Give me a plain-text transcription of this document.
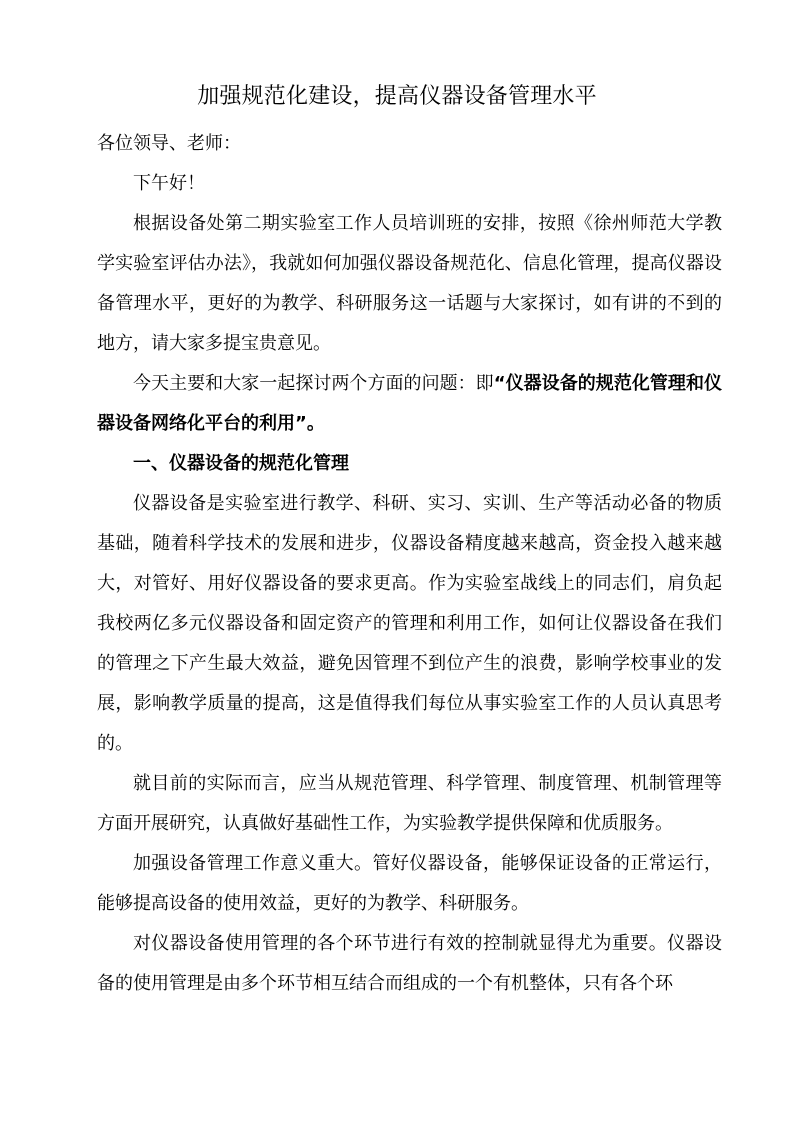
加强规范化建设，提高仪器设备管理水平

各位领导、老师：

下午好！

根据设备处第二期实验室工作人员培训班的安排，按照《徐州师范大学教学实验室评估办法》，我就如何加强仪器设备规范化、信息化管理，提高仪器设备管理水平，更好的为教学、科研服务这一话题与大家探讨，如有讲的不到的地方，请大家多提宝贵意见。

今天主要和大家一起探讨两个方面的问题：即“仪器设备的规范化管理和仪器设备网络化平台的利用”。

一、仪器设备的规范化管理

仪器设备是实验室进行教学、科研、实习、实训、生产等活动必备的物质基础，随着科学技术的发展和进步，仪器设备精度越来越高，资金投入越来越大，对管好、用好仪器设备的要求更高。作为实验室战线上的同志们，肩负起我校两亿多元仪器设备和固定资产的管理和利用工作，如何让仪器设备在我们的管理之下产生最大效益，避免因管理不到位产生的浪费，影响学校事业的发展，影响教学质量的提高，这是值得我们每位从事实验室工作的人员认真思考的。

就目前的实际而言，应当从规范管理、科学管理、制度管理、机制管理等方面开展研究，认真做好基础性工作，为实验教学提供保障和优质服务。

加强设备管理工作意义重大。管好仪器设备，能够保证设备的正常运行，能够提高设备的使用效益，更好的为教学、科研服务。

对仪器设备使用管理的各个环节进行有效的控制就显得尤为重要。仪器设备的使用管理是由多个环节相互结合而组成的一个有机整体，只有各个环
